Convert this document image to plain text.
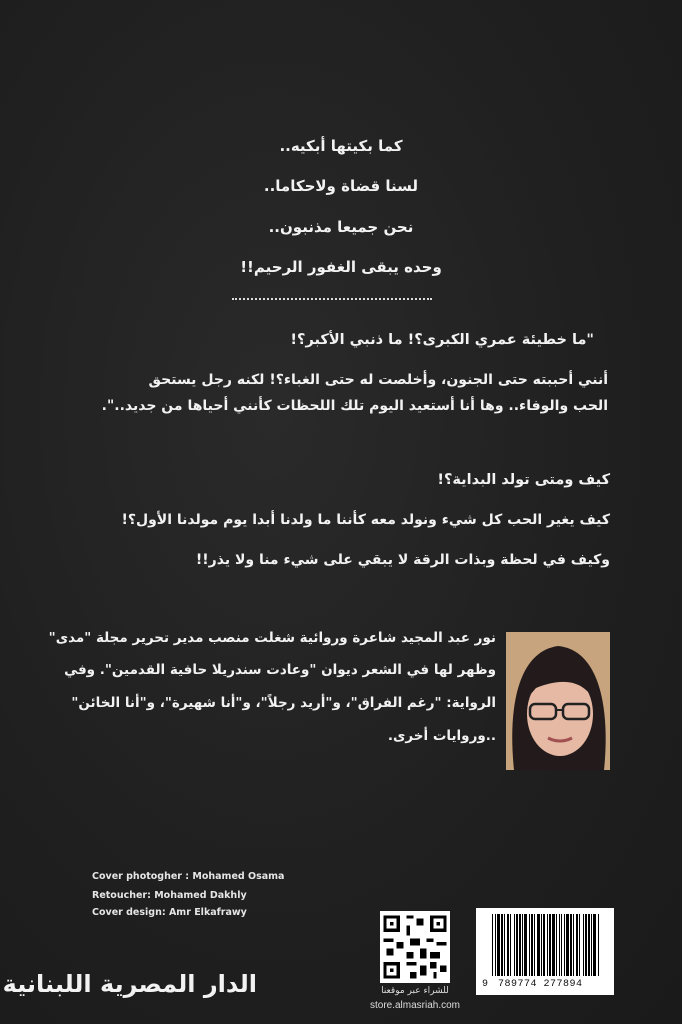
كما بكيتها أبكيه..
لسنا قضاة ولاحكاما..
نحن جميعا مذنبون..
وحده يبقى الغفور الرحيم!!
"ما خطيئة عمري الكبرى؟! ما ذنبي الأكبر؟!
أنني أحببته حتى الجنون، وأخلصت له حتى الغباء؟! لكنه رجل يستحق
الحب والوفاء.. وها أنا أستعيد اليوم تلك اللحظات كأنني أحياها من جديد..".
كيف ومتى تولد البداية؟!
كيف يغير الحب كل شيء ونولد معه كأننا ما ولدنا أبدا يوم مولدنا الأول؟!
وكيف في لحظة وبذات الرقة لا يبقي على شيء منا ولا يذر!!
نور عبد المجيد شاعرة وروائية شغلت منصب مدير تحرير مجلة "مدى"
وظهر لها في الشعر ديوان "وعادت سندريلا حافية القدمين". وفي
الرواية: "رغم الفراق"، و"أريد رجلاً"، و"أنا شهيرة"، و"أنا الخائن"
..وروايات أخرى.
Cover photogher : Mohamed Osama
Retoucher: Mohamed Dakhly
Cover design: Amr Elkafrawy
الدار المصرية اللبنانية	للشراء عبر موقعنا
store.almasriah.com
9 789774 277894
